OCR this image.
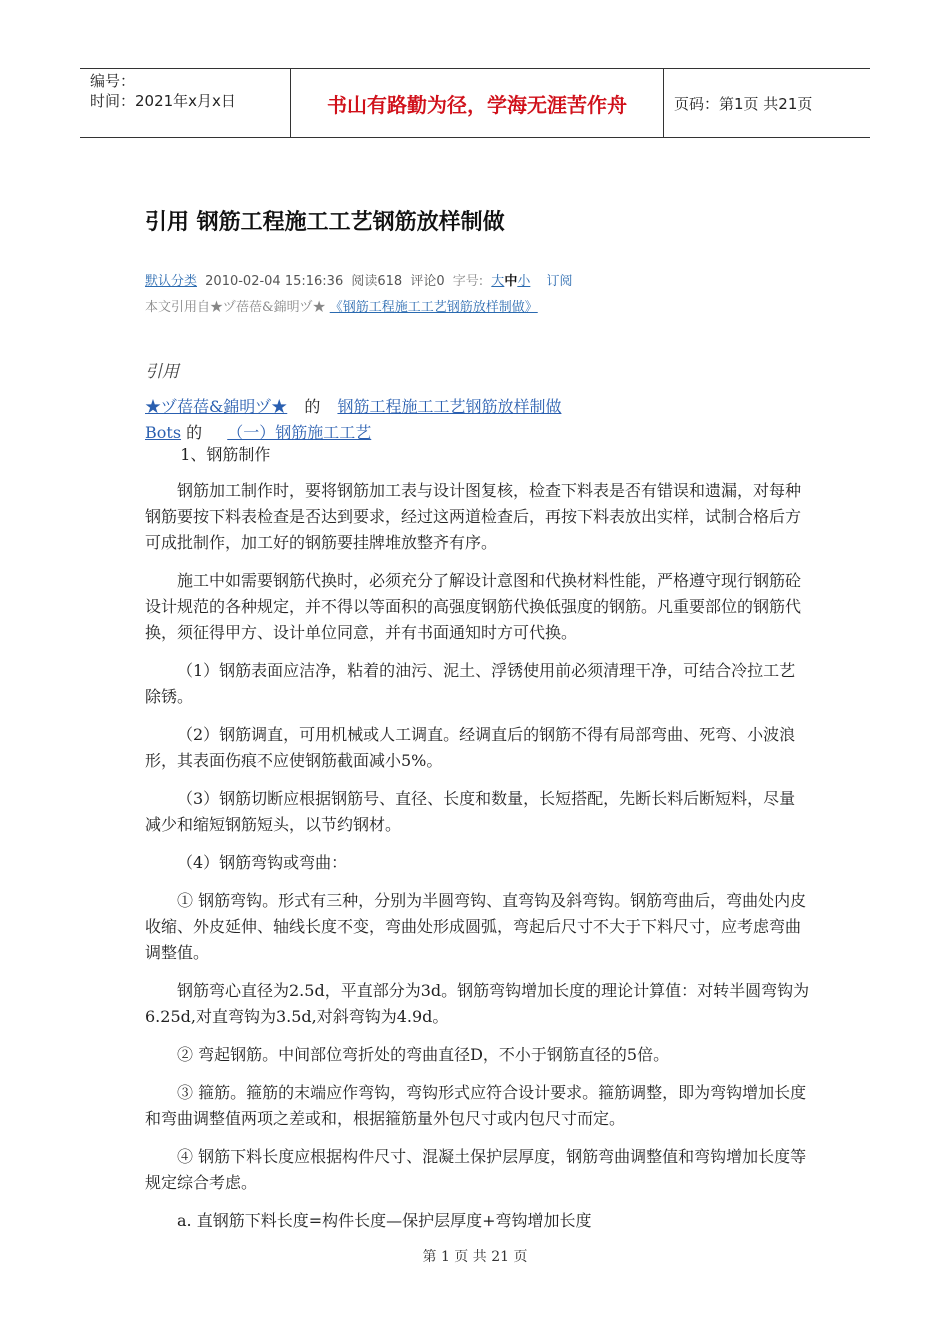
编号：
时间：2021年x月x日	书山有路勤为径，学海无涯苦作舟	页码：第1页 共21页
引用 钢筋工程施工工艺钢筋放样制做
默认分类 2010-02-04 15:16:36 阅读618 评论0 字号: 大中小 订阅
本文引用自★ヅ蓓蓓&錦明ヅ★ 《钢筋工程施工工艺钢筋放样制做》
引用
★ヅ蓓蓓&錦明ヅ★ 的 钢筋工程施工工艺钢筋放样制做
Bots 的 （一）钢筋施工工艺

1、钢筋制作

钢筋加工制作时，要将钢筋加工表与设计图复核，检查下料表是否有错误和遗漏，对每种钢筋要按下料表检查是否达到要求，经过这两道检查后，再按下料表放出实样，试制合格后方可成批制作，加工好的钢筋要挂牌堆放整齐有序。

施工中如需要钢筋代换时，必须充分了解设计意图和代换材料性能，严格遵守现行钢筋砼设计规范的各种规定，并不得以等面积的高强度钢筋代换低强度的钢筋。凡重要部位的钢筋代换，须征得甲方、设计单位同意，并有书面通知时方可代换。

（1）钢筋表面应洁净，粘着的油污、泥土、浮锈使用前必须清理干净，可结合冷拉工艺除锈。

（2）钢筋调直，可用机械或人工调直。经调直后的钢筋不得有局部弯曲、死弯、小波浪形，其表面伤痕不应使钢筋截面减小5%。

（3）钢筋切断应根据钢筋号、直径、长度和数量，长短搭配，先断长料后断短料，尽量减少和缩短钢筋短头，以节约钢材。

（4）钢筋弯钩或弯曲：

① 钢筋弯钩。形式有三种，分别为半圆弯钩、直弯钩及斜弯钩。钢筋弯曲后，弯曲处内皮收缩、外皮延伸、轴线长度不变，弯曲处形成圆弧，弯起后尺寸不大于下料尺寸，应考虑弯曲调整值。

钢筋弯心直径为2.5d，平直部分为3d。钢筋弯钩增加长度的理论计算值：对转半圆弯钩为6.25d,对直弯钩为3.5d,对斜弯钩为4.9d。

② 弯起钢筋。中间部位弯折处的弯曲直径D，不小于钢筋直径的5倍。

③ 箍筋。箍筋的末端应作弯钩，弯钩形式应符合设计要求。箍筋调整，即为弯钩增加长度和弯曲调整值两项之差或和，根据箍筋量外包尺寸或内包尺寸而定。

④ 钢筋下料长度应根据构件尺寸、混凝土保护层厚度，钢筋弯曲调整值和弯钩增加长度等规定综合考虑。

a. 直钢筋下料长度=构件长度—保护层厚度+弯钩增加长度

第 1 页 共 21 页
